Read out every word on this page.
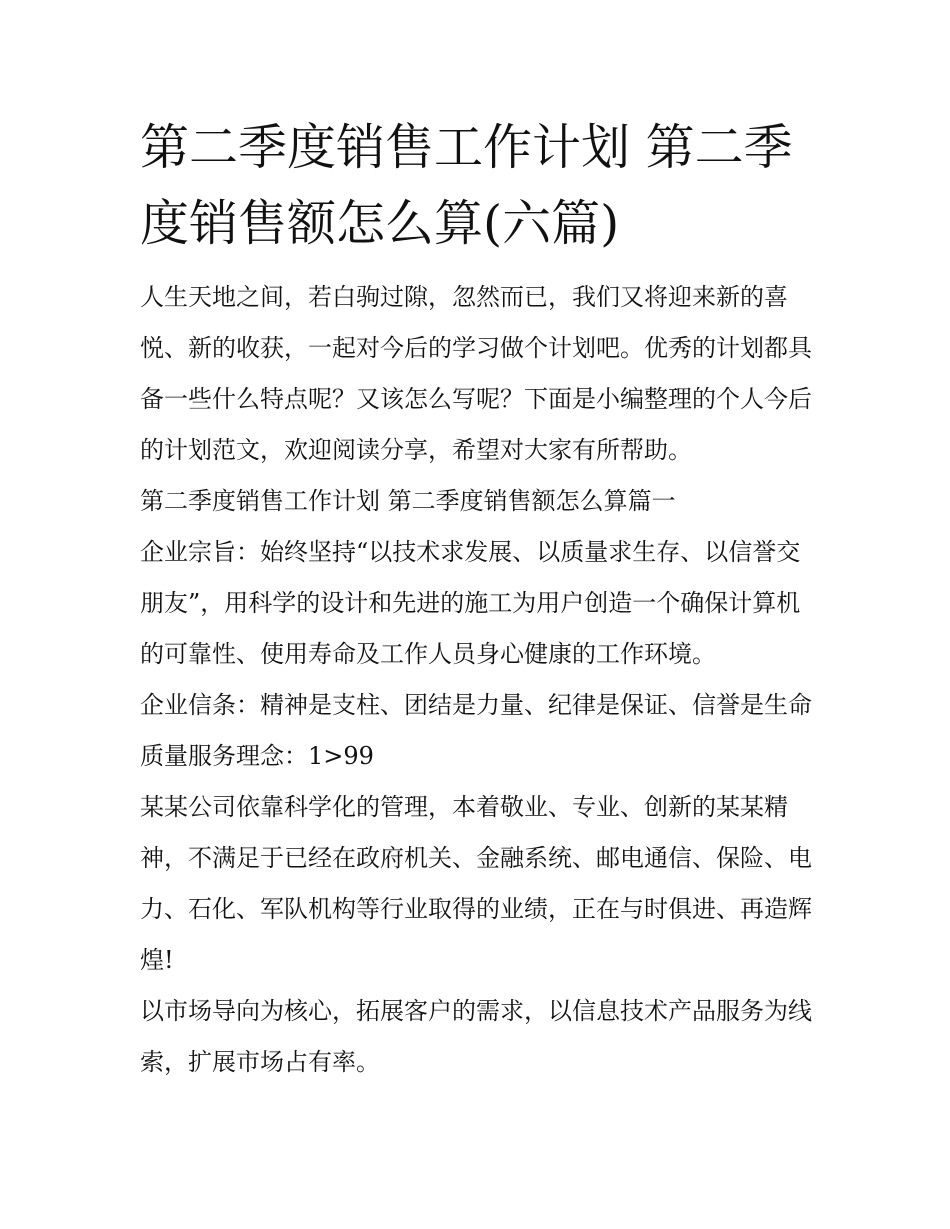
第二季度销售工作计划 第二季度销售额怎么算(六篇)

人生天地之间，若白驹过隙，忽然而已，我们又将迎来新的喜悦、新的收获，一起对今后的学习做个计划吧。优秀的计划都具备一些什么特点呢？又该怎么写呢？下面是小编整理的个人今后的计划范文，欢迎阅读分享，希望对大家有所帮助。

第二季度销售工作计划 第二季度销售额怎么算篇一

企业宗旨：始终坚持“以技术求发展、以质量求生存、以信誉交朋友”，用科学的设计和先进的施工为用户创造一个确保计算机的可靠性、使用寿命及工作人员身心健康的工作环境。

企业信条：精神是支柱、团结是力量、纪律是保证、信誉是生命 质量服务理念：1>99

某某公司依靠科学化的管理，本着敬业、专业、创新的某某精神，不满足于已经在政府机关、金融系统、邮电通信、保险、电力、石化、军队机构等行业取得的业绩，正在与时俱进、再造辉煌!

以市场导向为核心，拓展客户的需求，以信息技术产品服务为线索，扩展市场占有率。
